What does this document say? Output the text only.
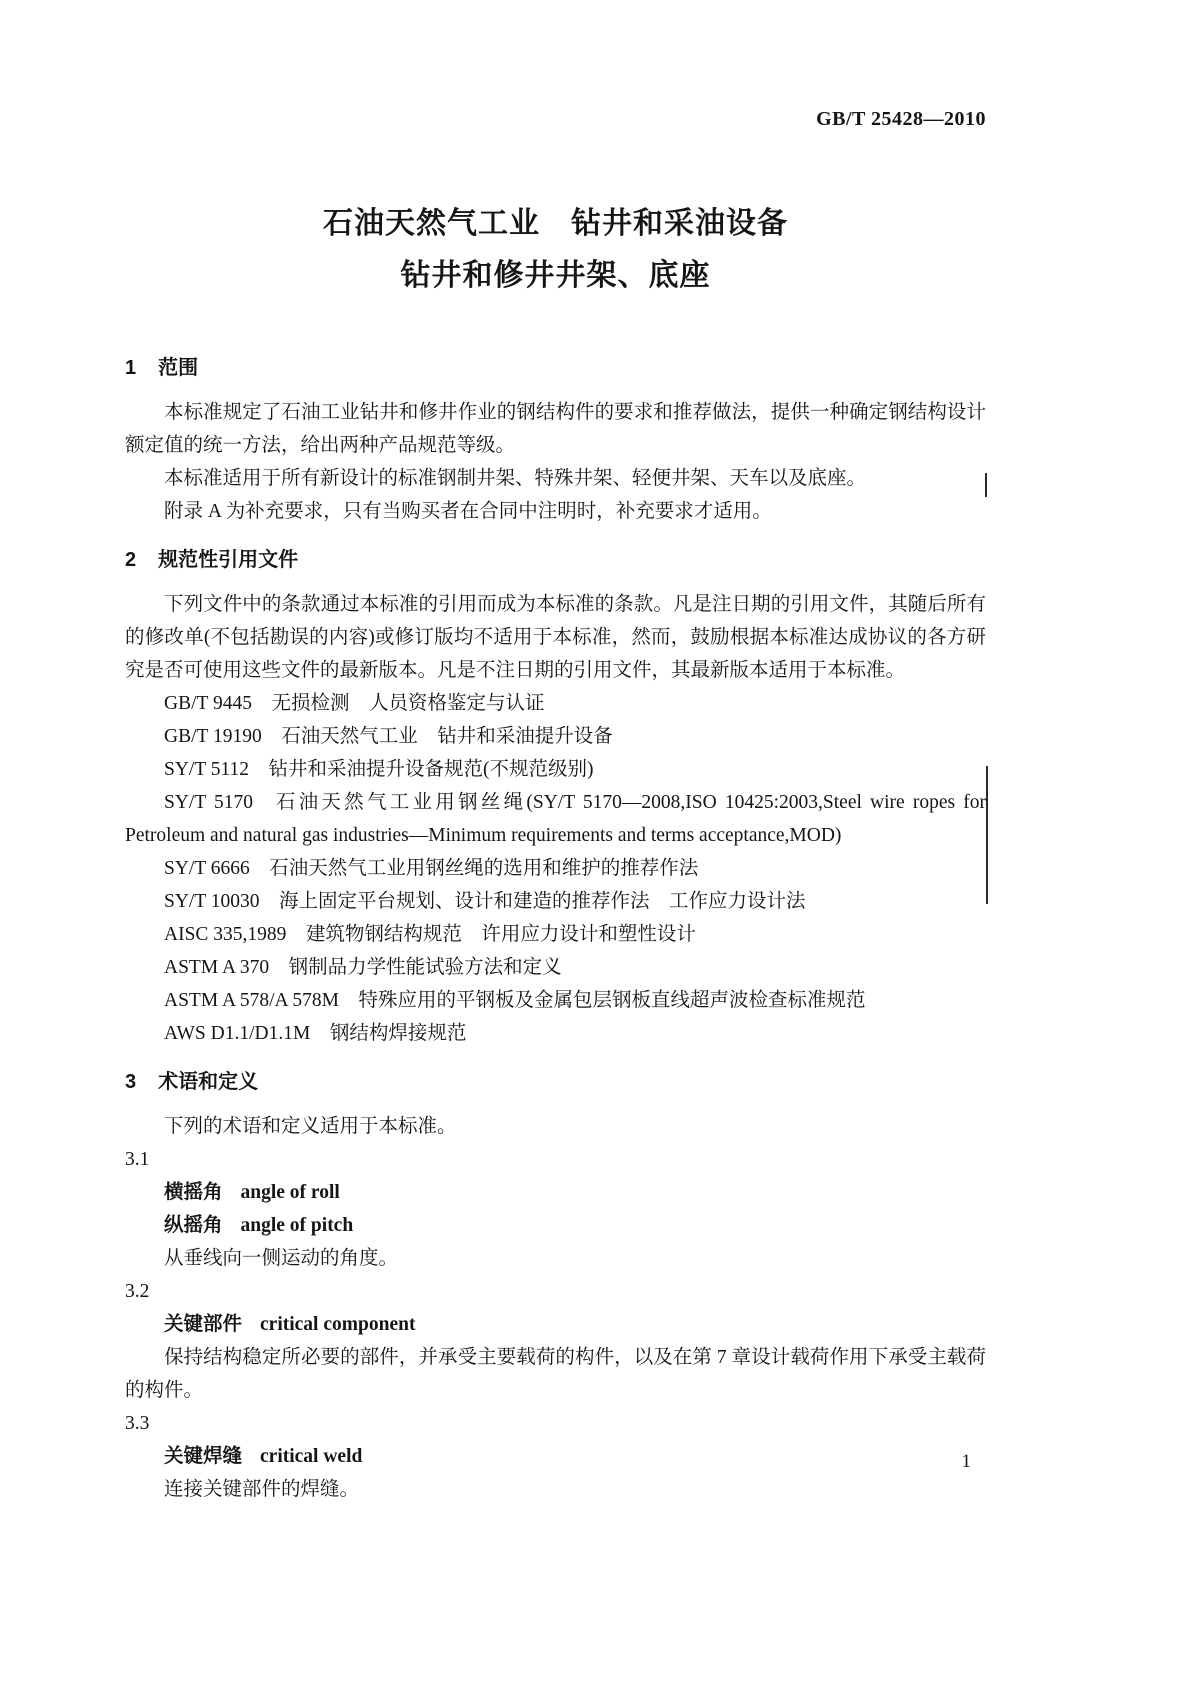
GB/T 25428—2010
石油天然气工业 钻井和采油设备
钻井和修井井架、底座
1 范围

本标准规定了石油工业钻井和修井作业的钢结构件的要求和推荐做法，提供一种确定钢结构设计额定值的统一方法，给出两种产品规范等级。

本标准适用于所有新设计的标准钢制井架、特殊井架、轻便井架、天车以及底座。

附录 A 为补充要求，只有当购买者在合同中注明时，补充要求才适用。

2 规范性引用文件

下列文件中的条款通过本标准的引用而成为本标准的条款。凡是注日期的引用文件，其随后所有的修改单(不包括勘误的内容)或修订版均不适用于本标准，然而，鼓励根据本标准达成协议的各方研究是否可使用这些文件的最新版本。凡是不注日期的引用文件，其最新版本适用于本标准。

GB/T 9445 无损检测 人员资格鉴定与认证

GB/T 19190 石油天然气工业 钻井和采油提升设备

SY/T 5112 钻井和采油提升设备规范(不规范级别)

SY/T 5170 石油天然气工业用钢丝绳(SY/T 5170—2008,ISO 10425:2003,Steel wire ropes for Petroleum and natural gas industries—Minimum requirements and terms acceptance,MOD)

SY/T 6666 石油天然气工业用钢丝绳的选用和维护的推荐作法

SY/T 10030 海上固定平台规划、设计和建造的推荐作法 工作应力设计法

AISC 335,1989 建筑物钢结构规范 许用应力设计和塑性设计

ASTM A 370 钢制品力学性能试验方法和定义

ASTM A 578/A 578M 特殊应用的平钢板及金属包层钢板直线超声波检查标准规范

AWS D1.1/D1.1M 钢结构焊接规范

3 术语和定义

下列的术语和定义适用于本标准。

3.1
横摇角 angle of roll
纵摇角 angle of pitch

从垂线向一侧运动的角度。

3.2
关键部件 critical component

保持结构稳定所必要的部件，并承受主要载荷的构件，以及在第 7 章设计载荷作用下承受主载荷的构件。

3.3
关键焊缝 critical weld

连接关键部件的焊缝。

1
